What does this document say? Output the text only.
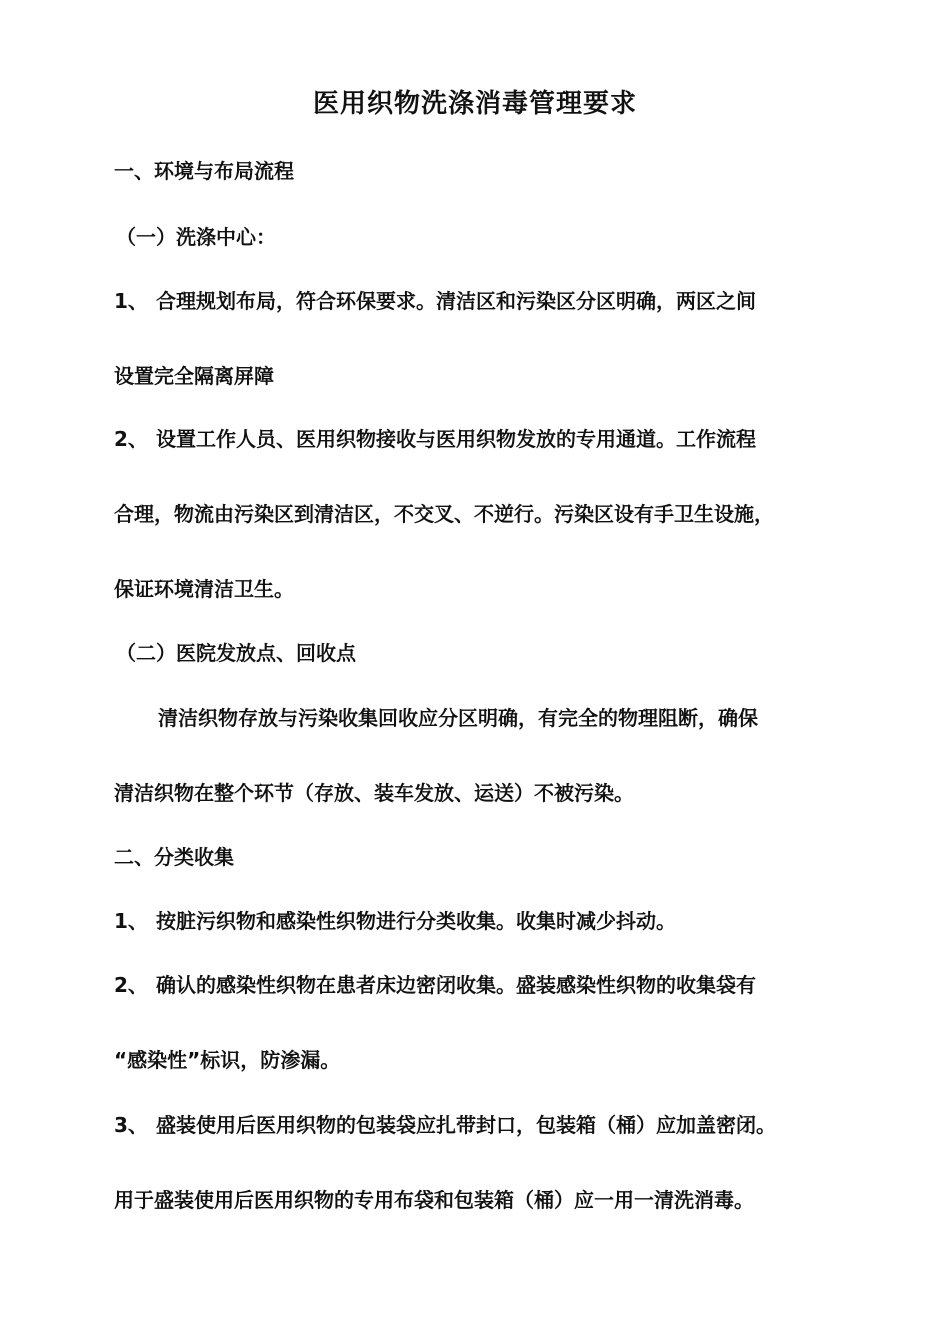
医用织物洗涤消毒管理要求
一、环境与布局流程
（一）洗涤中心：
1、 合理规划布局，符合环保要求。清洁区和污染区分区明确，两区之间
设置完全隔离屏障
2、 设置工作人员、医用织物接收与医用织物发放的专用通道。工作流程
合理，物流由污染区到清洁区，不交叉、不逆行。污染区设有手卫生设施，
保证环境清洁卫生。
（二）医院发放点、回收点
清洁织物存放与污染收集回收应分区明确，有完全的物理阻断，确保
清洁织物在整个环节（存放、装车发放、运送）不被污染。
二、分类收集
1、 按脏污织物和感染性织物进行分类收集。收集时减少抖动。
2、 确认的感染性织物在患者床边密闭收集。盛装感染性织物的收集袋有
“感染性”标识，防渗漏。
3、 盛装使用后医用织物的包装袋应扎带封口，包装箱（桶）应加盖密闭。
用于盛装使用后医用织物的专用布袋和包装箱（桶）应一用一清洗消毒。
